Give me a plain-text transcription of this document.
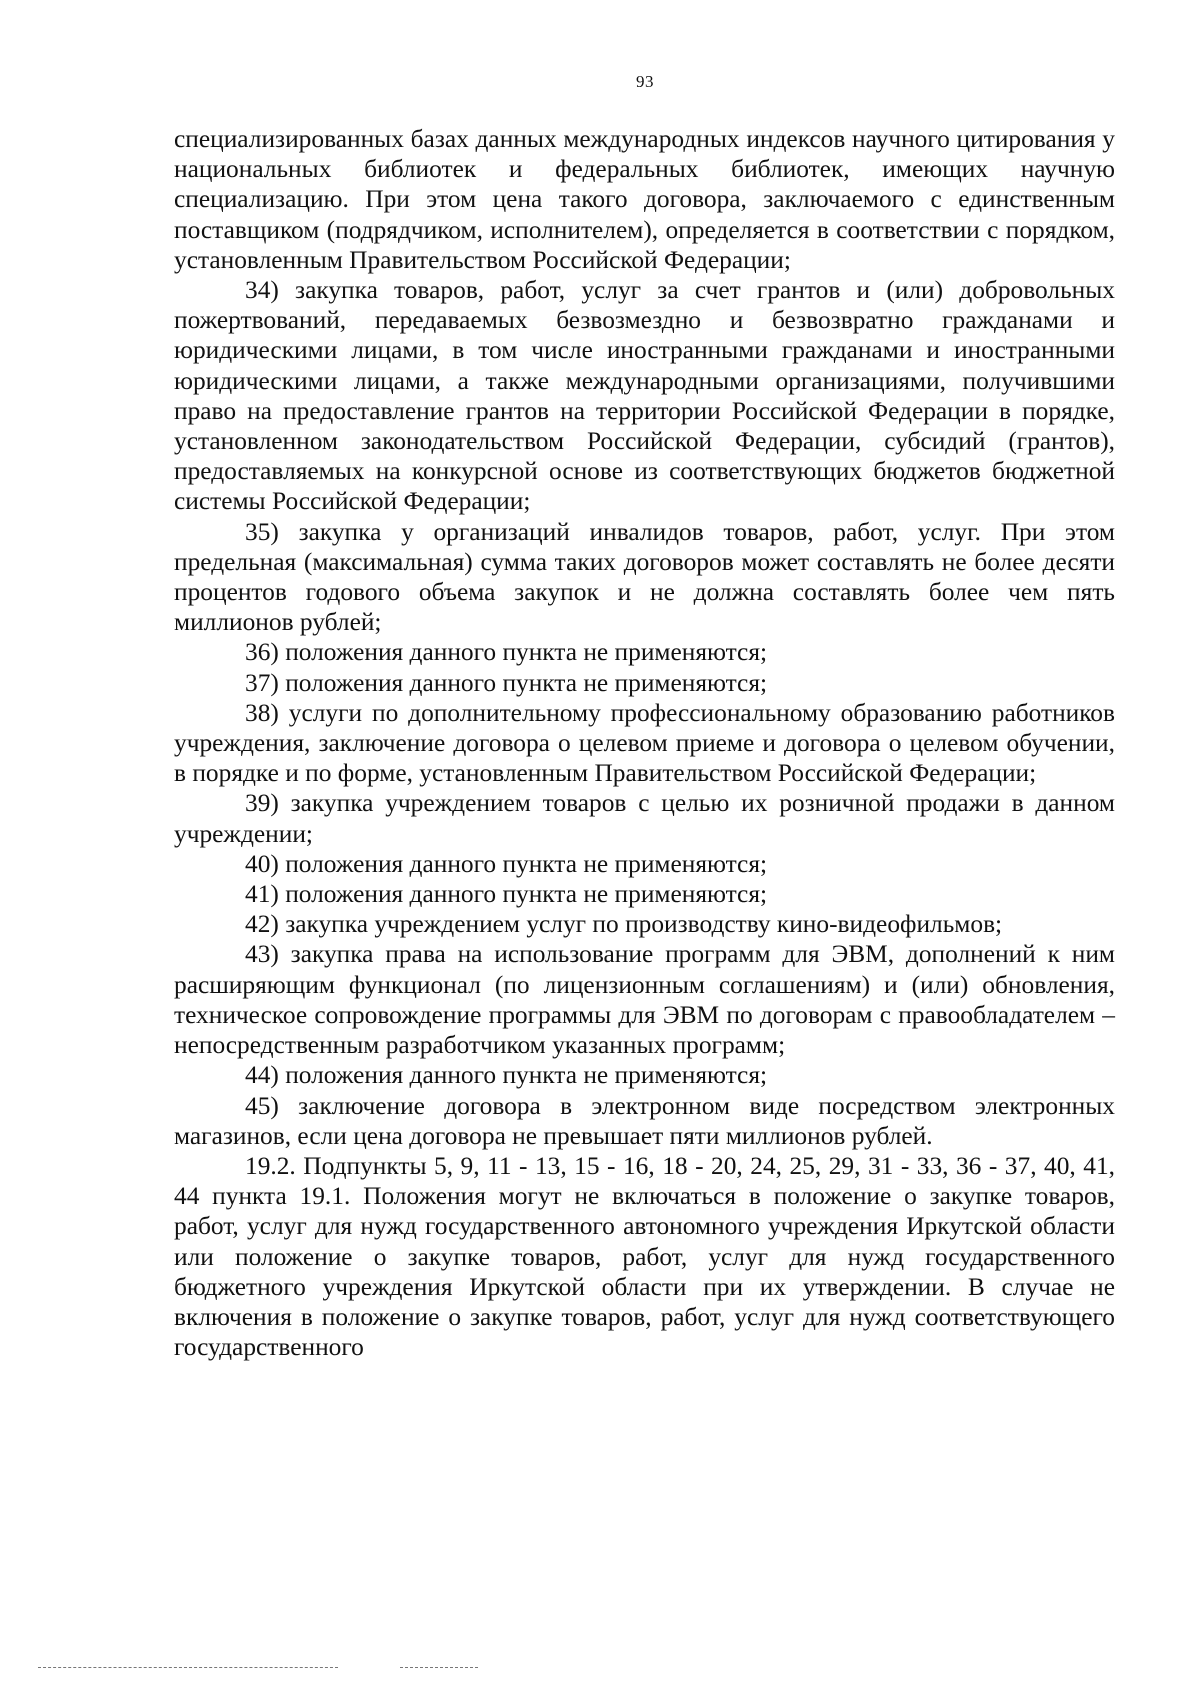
93

специализированных базах данных международных индексов научного цитирования у национальных библиотек и федеральных библиотек, имеющих научную специализацию. При этом цена такого договора, заключаемого с единственным поставщиком (подрядчиком, исполнителем), определяется в соответствии с порядком, установленным Правительством Российской Федерации;

34) закупка товаров, работ, услуг за счет грантов и (или) добровольных пожертвований, передаваемых безвозмездно и безвозвратно гражданами и юридическими лицами, в том числе иностранными гражданами и иностранными юридическими лицами, а также международными организациями, получившими право на предоставление грантов на территории Российской Федерации в порядке, установленном законодательством Российской Федерации, субсидий (грантов), предоставляемых на конкурсной основе из соответствующих бюджетов бюджетной системы Российской Федерации;

35) закупка у организаций инвалидов товаров, работ, услуг. При этом предельная (максимальная) сумма таких договоров может составлять не более десяти процентов годового объема закупок и не должна составлять более чем пять миллионов рублей;

36) положения данного пункта не применяются;

37) положения данного пункта не применяются;

38) услуги по дополнительному профессиональному образованию работников учреждения, заключение договора о целевом приеме и договора о целевом обучении, в порядке и по форме, установленным Правительством Российской Федерации;

39) закупка учреждением товаров с целью их розничной продажи в данном учреждении;

40) положения данного пункта не применяются;

41) положения данного пункта не применяются;

42) закупка учреждением услуг по производству кино-видеофильмов;

43) закупка права на использование программ для ЭВМ, дополнений к ним расширяющим функционал (по лицензионным соглашениям) и (или) обновления, техническое сопровождение программы для ЭВМ по договорам с правообладателем – непосредственным разработчиком указанных программ;

44) положения данного пункта не применяются;

45) заключение договора в электронном виде посредством электронных магазинов, если цена договора не превышает пяти миллионов рублей.

19.2. Подпункты 5, 9, 11 - 13, 15 - 16, 18 - 20, 24, 25, 29, 31 - 33, 36 - 37, 40, 41, 44 пункта 19.1. Положения могут не включаться в положение о закупке товаров, работ, услуг для нужд государственного автономного учреждения Иркутской области или положение о закупке товаров, работ, услуг для нужд государственного бюджетного учреждения Иркутской области при их утверждении. В случае не включения в положение о закупке товаров, работ, услуг для нужд соответствующего государственного
